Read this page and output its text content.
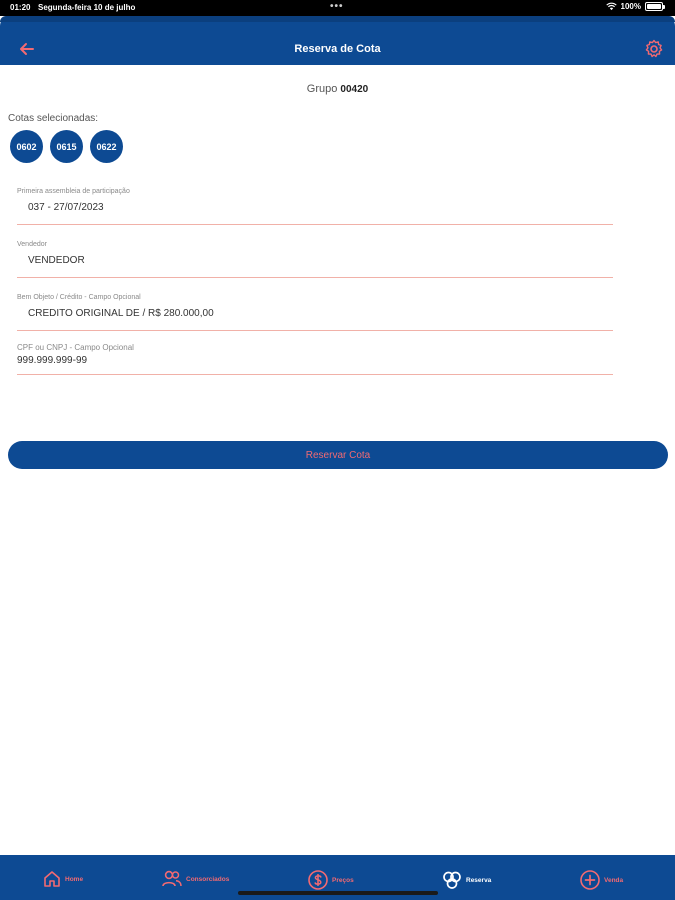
01:20 Segunda-feira 10 de julho	•••	100%
Reserva de Cota
Grupo 00420
Cotas selecionadas:
0602	0615	0622
Primeira assembleia de participação
037 - 27/07/2023
Vendedor
VENDEDOR
Bem Objeto / Crédito - Campo Opcional
CREDITO ORIGINAL DE / R$ 280.000,00
CPF ou CNPJ - Campo Opcional
999.999.999-99
Reservar Cota
Home	Consorciados	Preços	Reserva	Venda
